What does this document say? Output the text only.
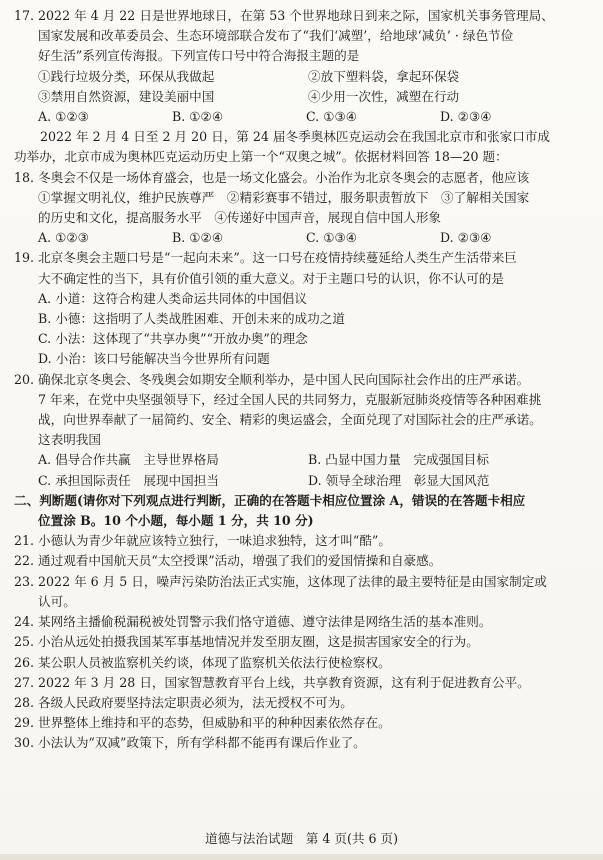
17. 2022 年 4 月 22 日是世界地球日，在第 53 个世界地球日到来之际，国家机关事务管理局、
国家发展和改革委员会、生态环境部联合发布了“我们‘减塑’，给地球‘减负’ · 绿色节俭
好生活”系列宣传海报。下列宣传口号中符合海报主题的是
①践行垃圾分类，环保从我做起	②放下塑料袋，拿起环保袋
③禁用自然资源，建设美丽中国	④少用一次性，减塑在行动
A. ①②③	B. ①②④	C. ①③④	D. ②③④
2022 年 2 月 4 日至 2 月 20 日，第 24 届冬季奥林匹克运动会在我国北京市和张家口市成
功举办，北京市成为奥林匹克运动历史上第一个“双奥之城”。依据材料回答 18—20 题：
18. 冬奥会不仅是一场体育盛会，也是一场文化盛会。小治作为北京冬奥会的志愿者，他应该
①掌握文明礼仪，维护民族尊严　②精彩赛事不错过，服务职责暂放下　③了解相关国家
的历史和文化，提高服务水平　④传递好中国声音，展现自信中国人形象
A. ①②③	B. ①②④	C. ①③④	D. ②③④
19. 北京冬奥会主题口号是“一起向未来”。这一口号在疫情持续蔓延给人类生产生活带来巨
大不确定性的当下，具有价值引领的重大意义。对于主题口号的认识，你不认可的是
A. 小道：这符合构建人类命运共同体的中国倡议
B. 小德：这指明了人类战胜困难、开创未来的成功之道
C. 小法：这体现了“共享办奥”“开放办奥”的理念
D. 小治：该口号能解决当今世界所有问题
20. 确保北京冬奥会、冬残奥会如期安全顺利举办，是中国人民向国际社会作出的庄严承诺。
7 年来，在党中央坚强领导下，经过全国人民的共同努力，克服新冠肺炎疫情等各种困难挑
战，向世界奉献了一届简约、安全、精彩的奥运盛会，全面兑现了对国际社会的庄严承诺。
这表明我国
A. 倡导合作共赢　主导世界格局	B. 凸显中国力量　完成强国目标
C. 承担国际责任　展现中国担当	D. 领导全球治理　彰显大国风范
二、判断题(请你对下列观点进行判断，正确的在答题卡相应位置涂 A，错误的在答题卡相应
位置涂 B。10 个小题，每小题 1 分，共 10 分)
21. 小德认为青少年就应该特立独行，一味追求独特，这才叫“酷”。
22. 通过观看中国航天员“太空授课”活动，增强了我们的爱国情操和自豪感。
23. 2022 年 6 月 5 日，噪声污染防治法正式实施，这体现了法律的最主要特征是由国家制定或
认可。
24. 某网络主播偷税漏税被处罚警示我们恪守道德、遵守法律是网络生活的基本准则。
25. 小治从远处拍摄我国某军事基地情况并发至朋友圈，这是损害国家安全的行为。
26. 某公职人员被监察机关约谈，体现了监察机关依法行使检察权。
27. 2022 年 3 月 28 日，国家智慧教育平台上线，共享教育资源，这有利于促进教育公平。
28. 各级人民政府要坚持法定职责必须为，法无授权不可为。
29. 世界整体上维持和平的态势，但威胁和平的种种因素依然存在。
30. 小法认为“双减”政策下，所有学科都不能再有课后作业了。
道德与法治试题　第 4 页(共 6 页)
